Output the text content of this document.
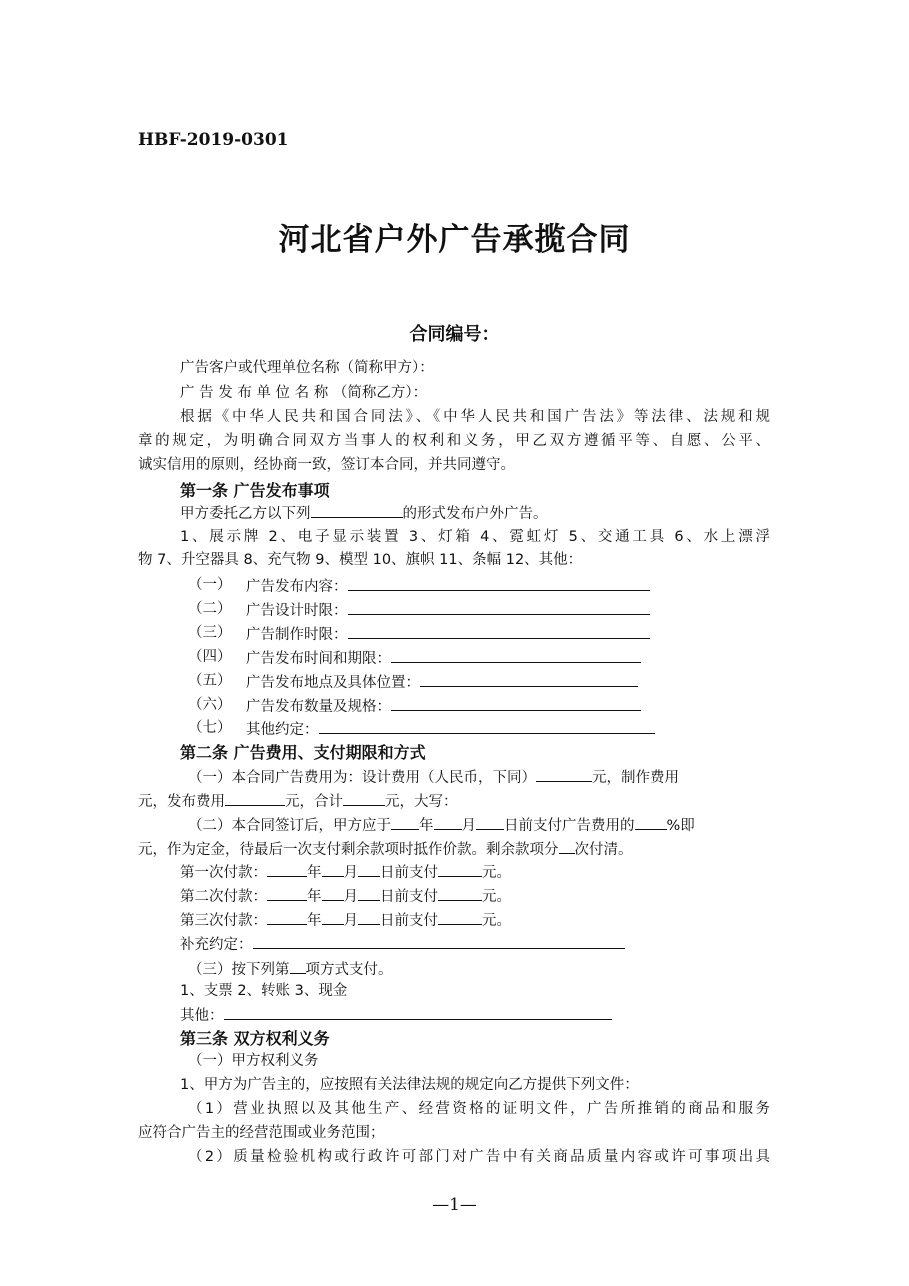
HBF-2019-0301
河北省户外广告承揽合同
合同编号：
广告客户或代理单位名称（简称甲方）：
广 告 发 布 单 位 名 称 （简称乙方）：
根据《中华人民共和国合同法》、《中华人民共和国广告法》等法律、法规和规
章的规定，为明确合同双方当事人的权利和义务，甲乙双方遵循平等、自愿、公平、
诚实信用的原则，经协商一致，签订本合同，并共同遵守。
第一条 广告发布事项
甲方委托乙方以下列	的形式发布户外广告。
1、展示牌 2、电子显示装置 3、灯箱 4、霓虹灯 5、交通工具 6、水上漂浮
物 7、升空器具 8、充气物 9、模型 10、旗帜 11、条幅 12、其他：
（一） 广告发布内容：
（二） 广告设计时限：
（三） 广告制作时限：
（四） 广告发布时间和期限：
（五） 广告发布地点及具体位置：
（六） 广告发布数量及规格：
（七） 其他约定：
第二条 广告费用、支付期限和方式
（一）本合同广告费用为：设计费用（人民币，下同）	元，制作费用
元，发布费用	元，合计	元，大写：
（二）本合同签订后，甲方应于 年 月 日前支付广告费用的 %即
元，作为定金，待最后一次支付剩余款项时抵作价款。剩余款项分 次付清。
第一次付款：	年 月 日前支付	元。
第二次付款：	年 月 日前支付	元。
第三次付款：	年 月 日前支付	元。
补充约定：
（三）按下列第 项方式支付。
1、支票 2、转账 3、现金
其他：
第三条 双方权利义务
（一）甲方权利义务
1、甲方为广告主的，应按照有关法律法规的规定向乙方提供下列文件：
（1）营业执照以及其他生产、经营资格的证明文件，广告所推销的商品和服务
应符合广告主的经营范围或业务范围；
（2）质量检验机构或行政许可部门对广告中有关商品质量内容或许可事项出具
—1—
